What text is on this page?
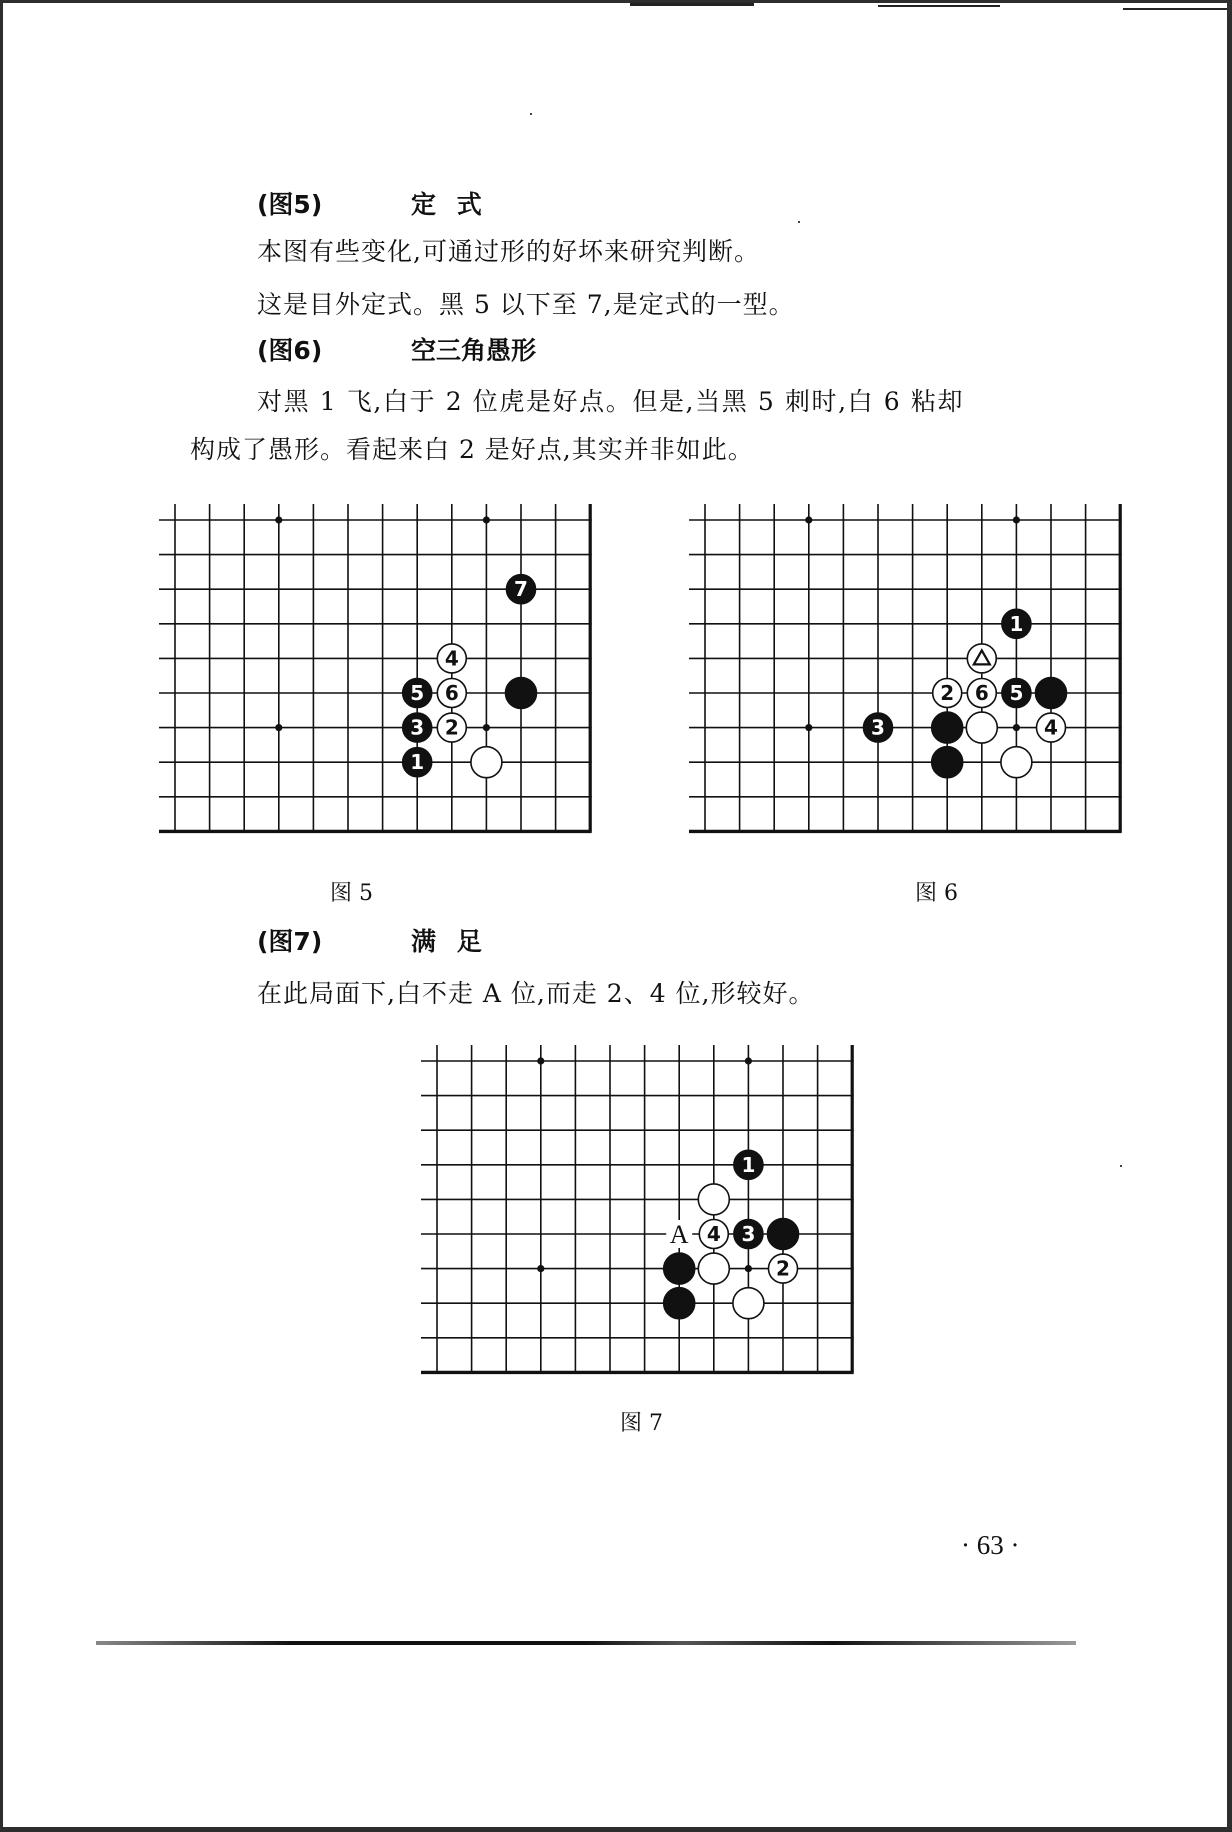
(图5)	定 式
本图有些变化,可通过形的好坏来研究判断。
这是目外定式。黑 5 以下至 7,是定式的一型。
(图6)	空三角愚形
对黑 1 飞,白于 2 位虎是好点。但是,当黑 5 刺时,白 6 粘却
构成了愚形。看起来白 2 是好点,其实并非如此。
7
4
5 6
3 2
1
1
2 6 5
3	4
图 5	图 6
(图7)	满 足
在此局面下,白不走 A 位,而走 2、4 位,形较好。
A
1
4 3
2
图 7
· 63 ·
